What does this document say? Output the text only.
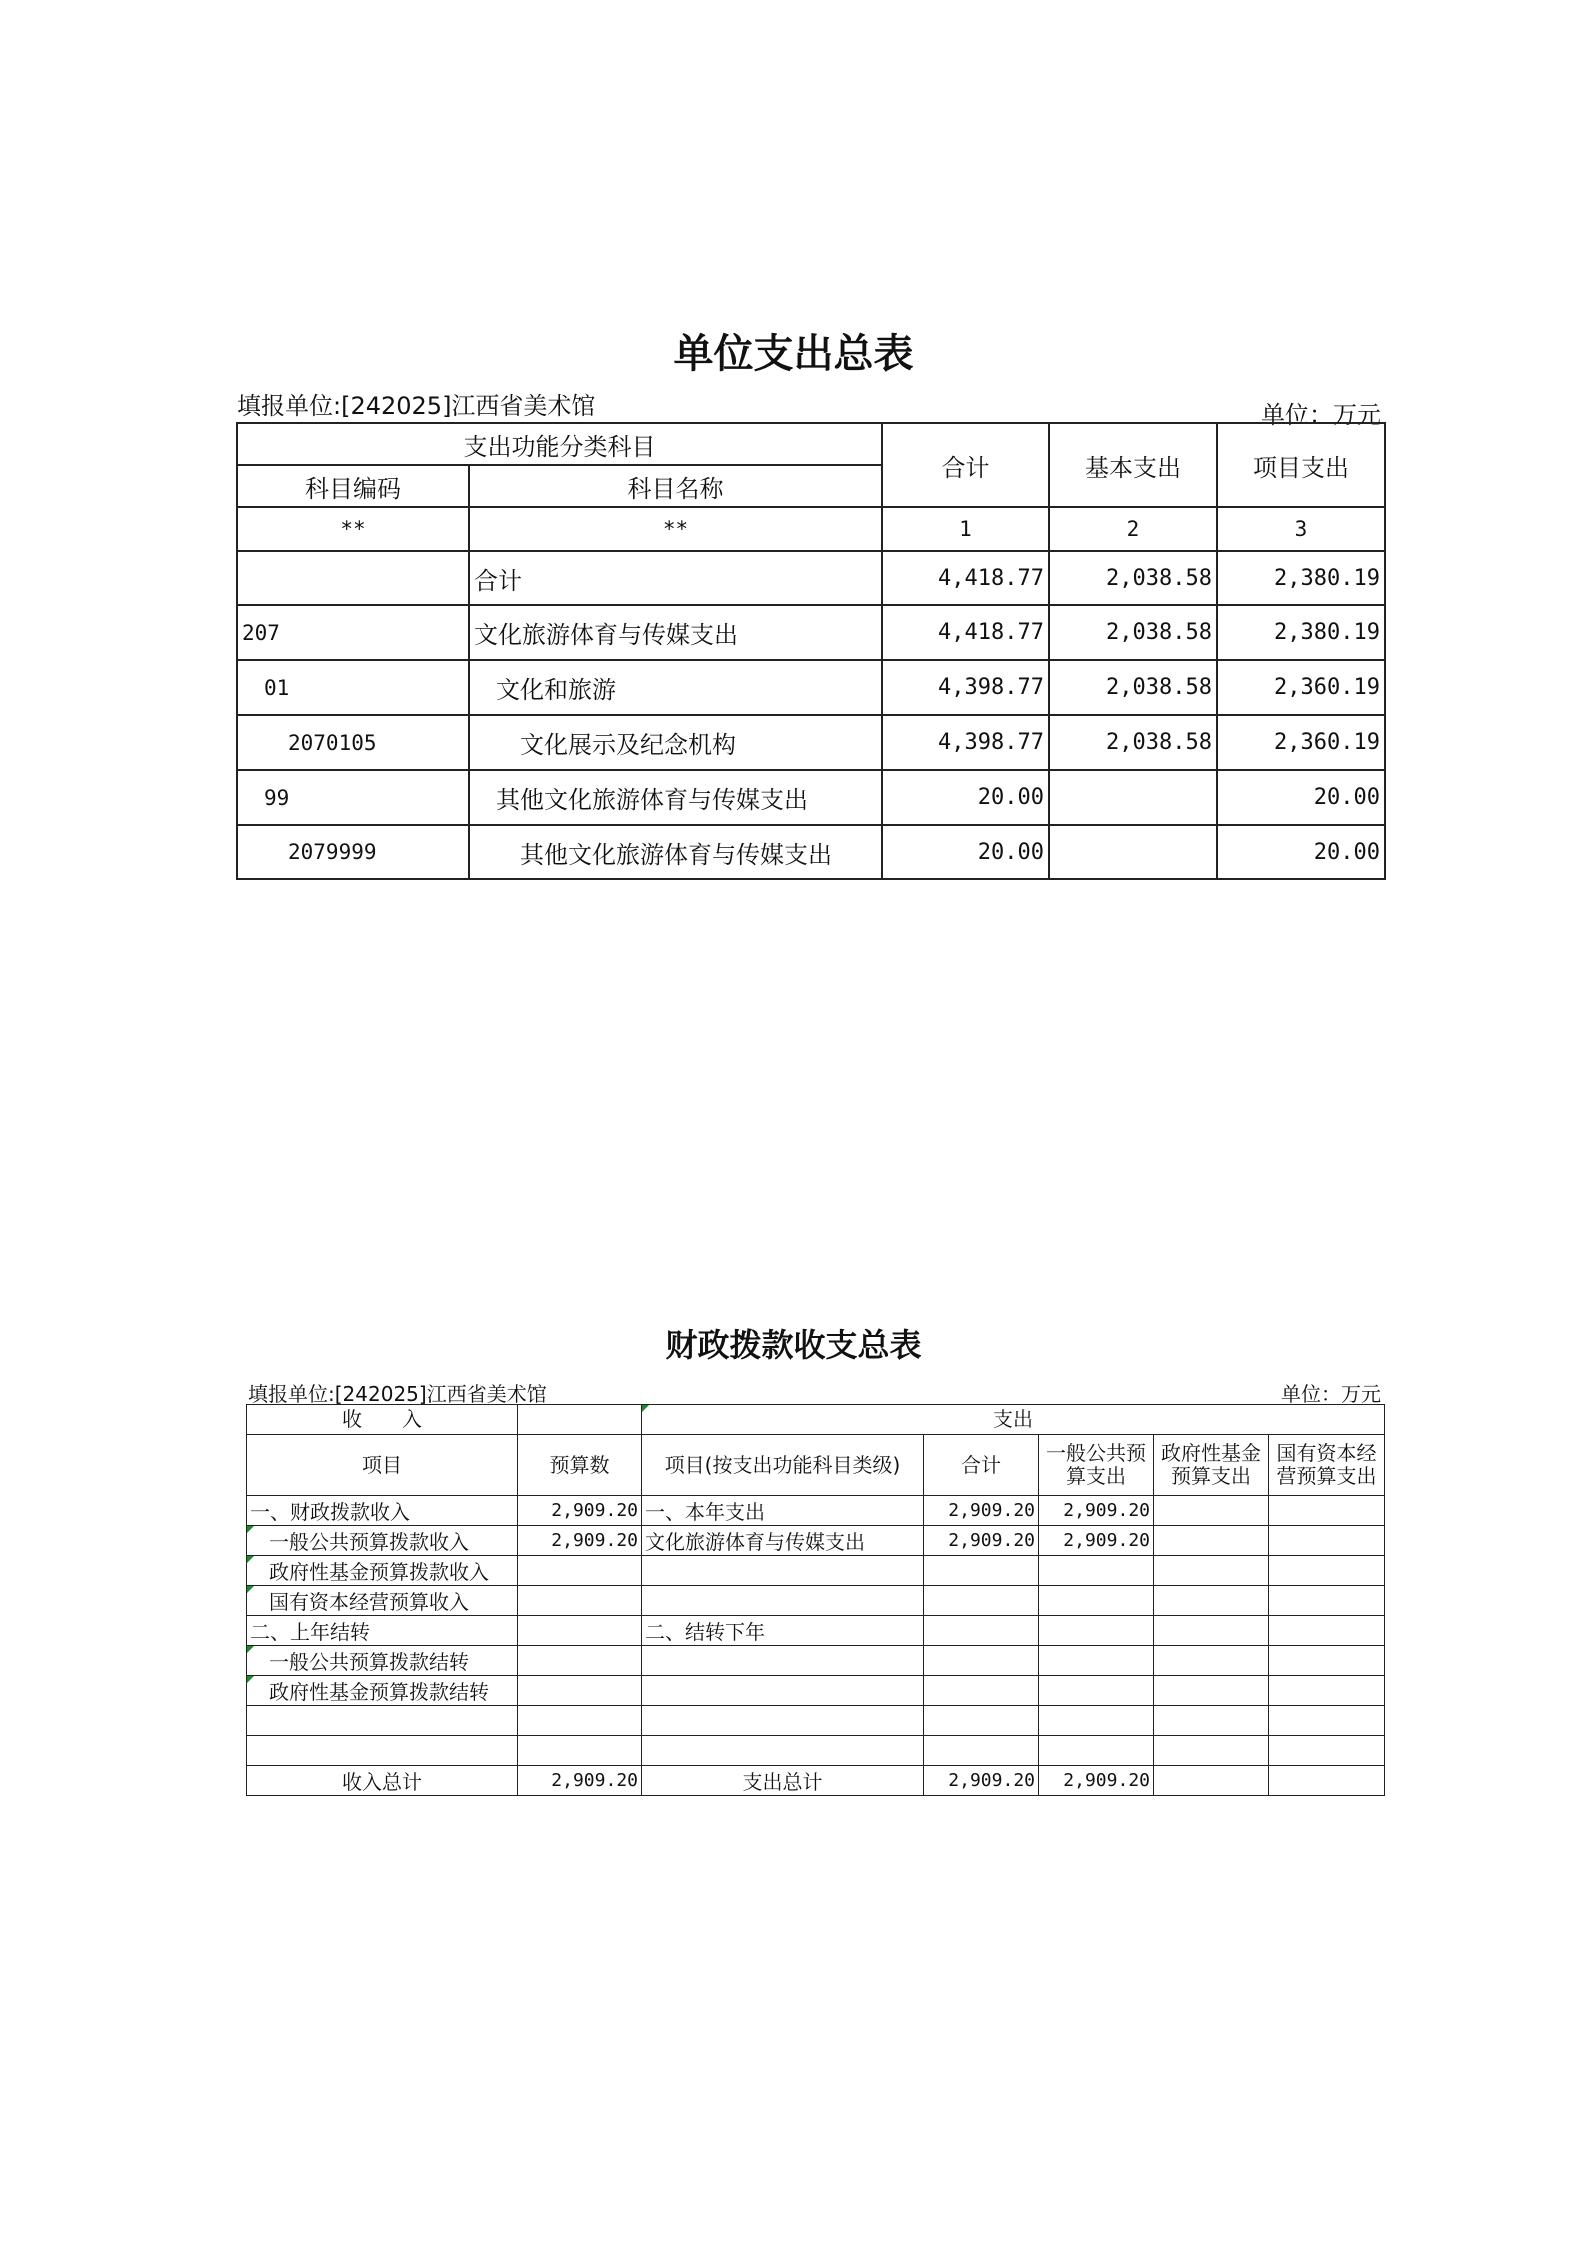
单位支出总表
填报单位:[242025]江西省美术馆	单位：万元
支出功能分类科目		合计	基本支出	项目支出
科目编码	科目名称			
**	**	1	2	3
	合计	4,418.77	2,038.58	2,380.19
207	文化旅游体育与传媒支出	4,418.77	2,038.58	2,380.19
01	文化和旅游	4,398.77	2,038.58	2,360.19
2070105	文化展示及纪念机构	4,398.77	2,038.58	2,360.19
99	其他文化旅游体育与传媒支出	20.00		20.00
2079999	其他文化旅游体育与传媒支出	20.00		20.00
财政拨款收支总表
填报单位:[242025]江西省美术馆	单位：万元
收　　入		支出				
项目	预算数	项目(按支出功能科目类级)	合计	一般公共预算支出	政府性基金预算支出	国有资本经营预算支出
一、财政拨款收入	2,909.20	一、本年支出	2,909.20	2,909.20		
一般公共预算拨款收入	2,909.20	文化旅游体育与传媒支出	2,909.20	2,909.20		
政府性基金预算拨款收入						
国有资本经营预算收入						
二、上年结转		二、结转下年				
一般公共预算拨款结转						
政府性基金预算拨款结转						

收入总计	2,909.20	支出总计	2,909.20	2,909.20		
